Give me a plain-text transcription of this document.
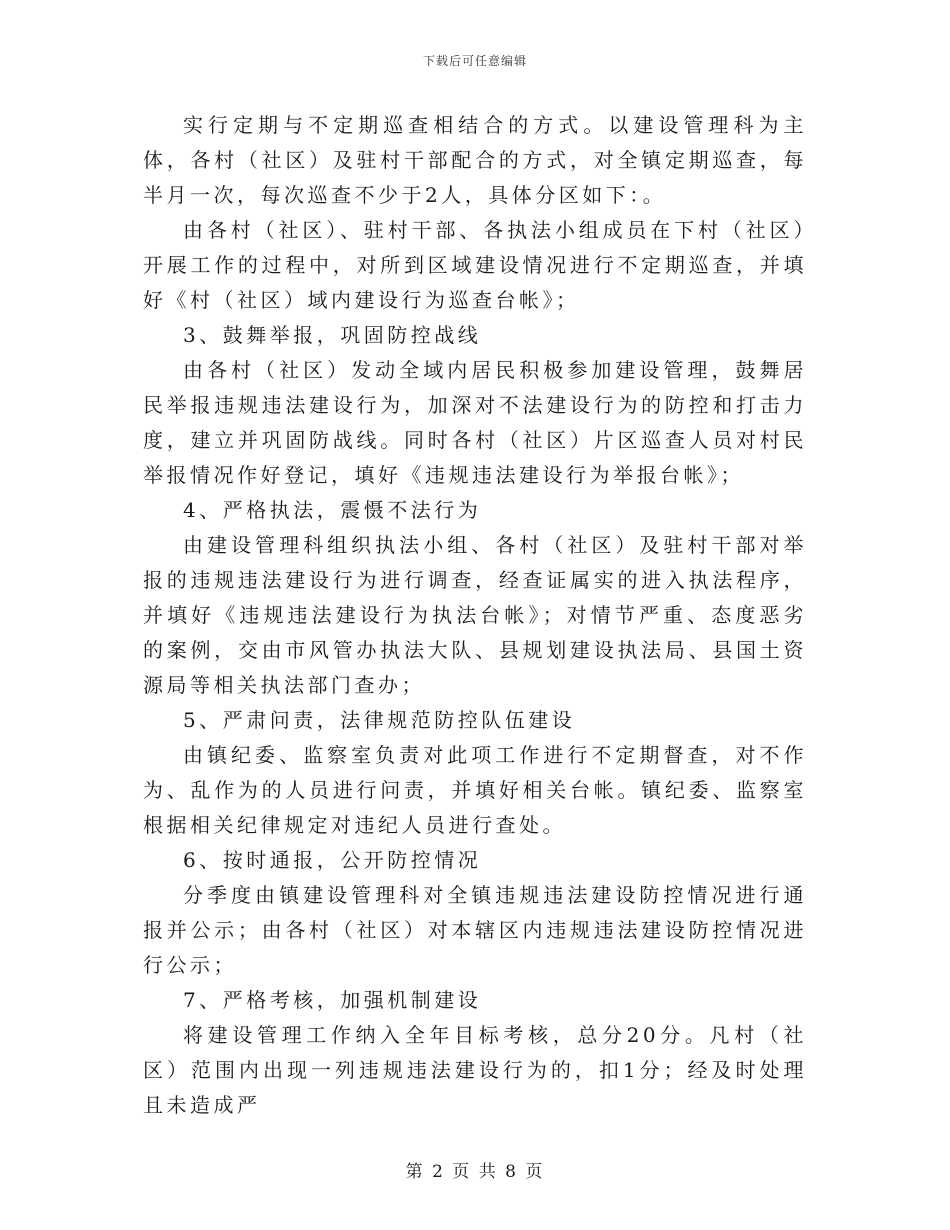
下载后可任意编辑

实行定期与不定期巡查相结合的方式。以建设管理科为主体，各村（社区）及驻村干部配合的方式，对全镇定期巡查，每半月一次，每次巡查不少于2人，具体分区如下：。

由各村（社区）、驻村干部、各执法小组成员在下村（社区）开展工作的过程中，对所到区域建设情况进行不定期巡查，并填好《村（社区）域内建设行为巡查台帐》；

3、鼓舞举报，巩固防控战线

由各村（社区）发动全域内居民积极参加建设管理，鼓舞居民举报违规违法建设行为，加深对不法建设行为的防控和打击力度，建立并巩固防战线。同时各村（社区）片区巡查人员对村民举报情况作好登记，填好《违规违法建设行为举报台帐》；

4、严格执法，震慑不法行为

由建设管理科组织执法小组、各村（社区）及驻村干部对举报的违规违法建设行为进行调查，经查证属实的进入执法程序，并填好《违规违法建设行为执法台帐》；对情节严重、态度恶劣的案例，交由市风管办执法大队、县规划建设执法局、县国土资源局等相关执法部门查办；

5、严肃问责，法律规范防控队伍建设

由镇纪委、监察室负责对此项工作进行不定期督查，对不作为、乱作为的人员进行问责，并填好相关台帐。镇纪委、监察室根据相关纪律规定对违纪人员进行查处。

6、按时通报，公开防控情况

分季度由镇建设管理科对全镇违规违法建设防控情况进行通报并公示；由各村（社区）对本辖区内违规违法建设防控情况进行公示；

7、严格考核，加强机制建设

将建设管理工作纳入全年目标考核，总分20分。凡村（社区）范围内出现一列违规违法建设行为的，扣1分；经及时处理且未造成严

第 2 页 共 8 页
